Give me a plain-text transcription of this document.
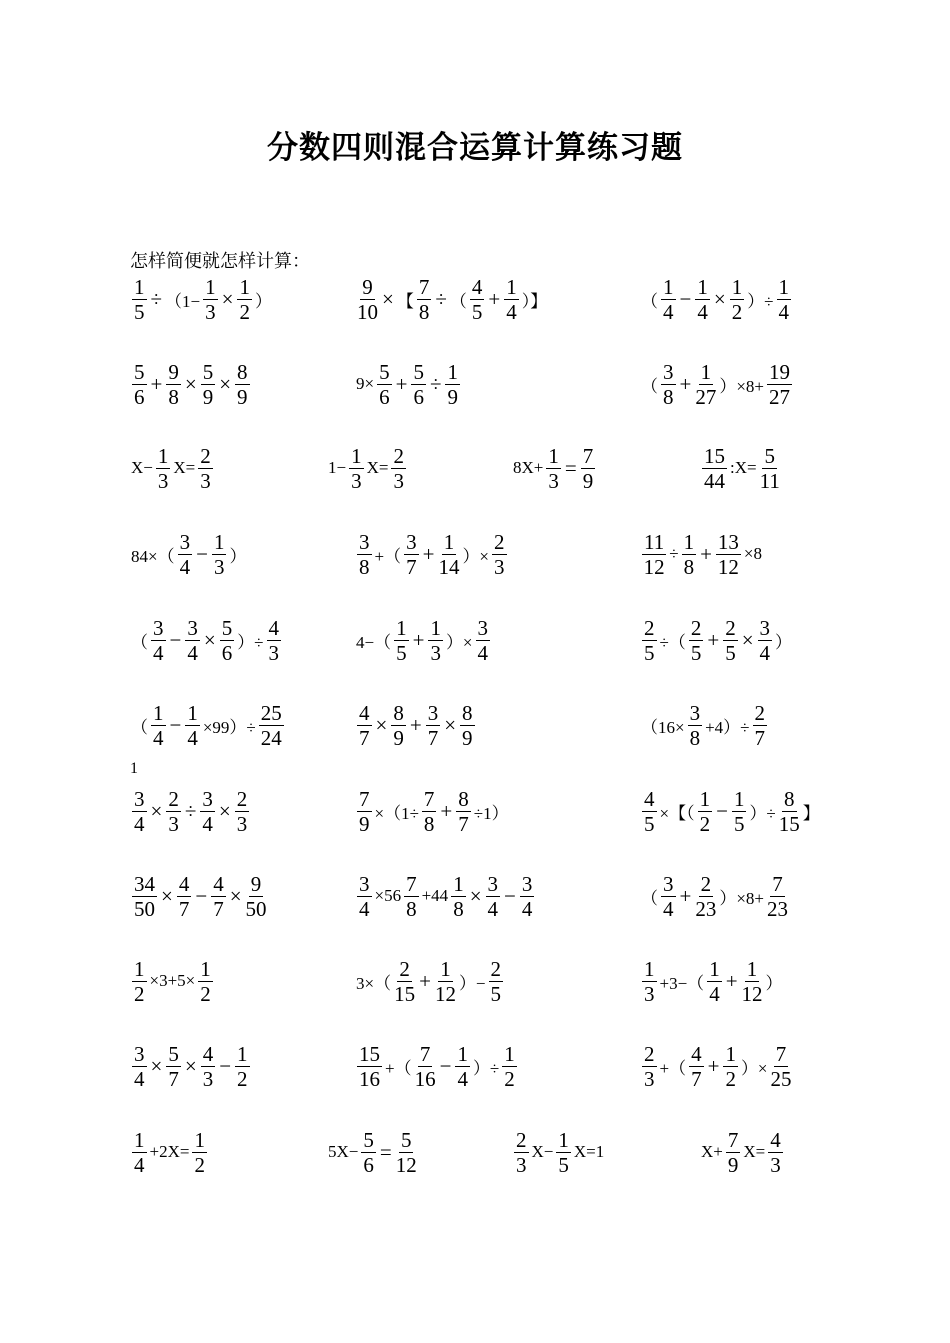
分数四则混合运算计算练习题
怎样简便就怎样计算：
1
$\frac{1}{5} \div (1- \frac{1}{3} \times \frac{1}{2}$ ）	$\frac{9}{10}$ × 【 $\frac{7}{8}$ ÷ （ $\frac{4}{5} + \frac{1}{4}$ ）】	（ $\frac{1}{4} - \frac{1}{4} \times \frac{1}{2}$ ）÷ $\frac{1}{4}$
$\frac{5}{6} + \frac{9}{8} \times \frac{5}{9} \times \frac{8}{9}$	$9\times \frac{5}{6} + \frac{5}{6} \div \frac{1}{9}$	（ $\frac{3}{8} + \frac{1}{27} )\times 8+ \frac{19}{27}$
$X- \frac{1}{3} X= \frac{2}{3}$	$1- \frac{1}{3} X= \frac{2}{3}$	$8X+ \frac{1}{3} = \frac{7}{9}$	$\frac{15}{44}$ :X= $\frac{5}{11}$
$84\times( \frac{3}{4} - \frac{1}{3}$ ）	$\frac{3}{8}$ +（ $\frac{3}{7} + \frac{1}{14}$ ）× $\frac{2}{3}$	$\frac{11}{12} \div \frac{1}{8} + \frac{13}{12} \times 8$
（ $\frac{3}{4} - \frac{3}{4} \times \frac{5}{6}$ ）÷ $\frac{4}{3}$	$4-( \frac{1}{5} + \frac{1}{3}$ ）× $\frac{3}{4}$	$\frac{2}{5}$ ÷（ $\frac{2}{5} + \frac{2}{5} \times \frac{3}{4}$ ）
（ $\frac{1}{4} - \frac{1}{4} \times 99)\div \frac{25}{24}$	$\frac{4}{7} \times \frac{8}{9} + \frac{3}{7} \times \frac{8}{9}$	$(16\times \frac{3}{8} +4)\div \frac{2}{7}$
$\frac{3}{4} \times \frac{2}{3} \div \frac{3}{4} \times \frac{2}{3}$	$\frac{7}{9} \times(1\div \frac{7}{8} + \frac{8}{7} \div 1)$	$\frac{4}{5}$ ×【（ $\frac{1}{2} - \frac{1}{5}$ ）÷ $\frac{8}{15}$ 】
$\frac{34}{50} \times \frac{4}{7} - \frac{4}{7} \times \frac{9}{50}$	$\frac{3}{4} \times 56 \frac{7}{8} +44 \frac{1}{8} \times \frac{3}{4} - \frac{3}{4}$	（ $\frac{3}{4} + \frac{2}{23} )\times 8+ \frac{7}{23}$
$\frac{1}{2} \times 3+5\times \frac{1}{2}$	$3\times( \frac{2}{15} + \frac{1}{12}$ ）− $\frac{2}{5}$	$\frac{1}{3} +3-( \frac{1}{4} + \frac{1}{12}$ ）
$\frac{3}{4} \times \frac{5}{7} \times \frac{4}{3} - \frac{1}{2}$	$\frac{15}{16}$ +（ $\frac{7}{16} - \frac{1}{4}$ ）÷ $\frac{1}{2}$	$\frac{2}{3}$ +（ $\frac{4}{7} + \frac{1}{2}$ ）× $\frac{7}{25}$
$\frac{1}{4} +2X= \frac{1}{2}$	$5X- \frac{5}{6} = \frac{5}{12}$	$\frac{2}{3} X- \frac{1}{5} X=1$	$X+ \frac{7}{9} X= \frac{4}{3}$
